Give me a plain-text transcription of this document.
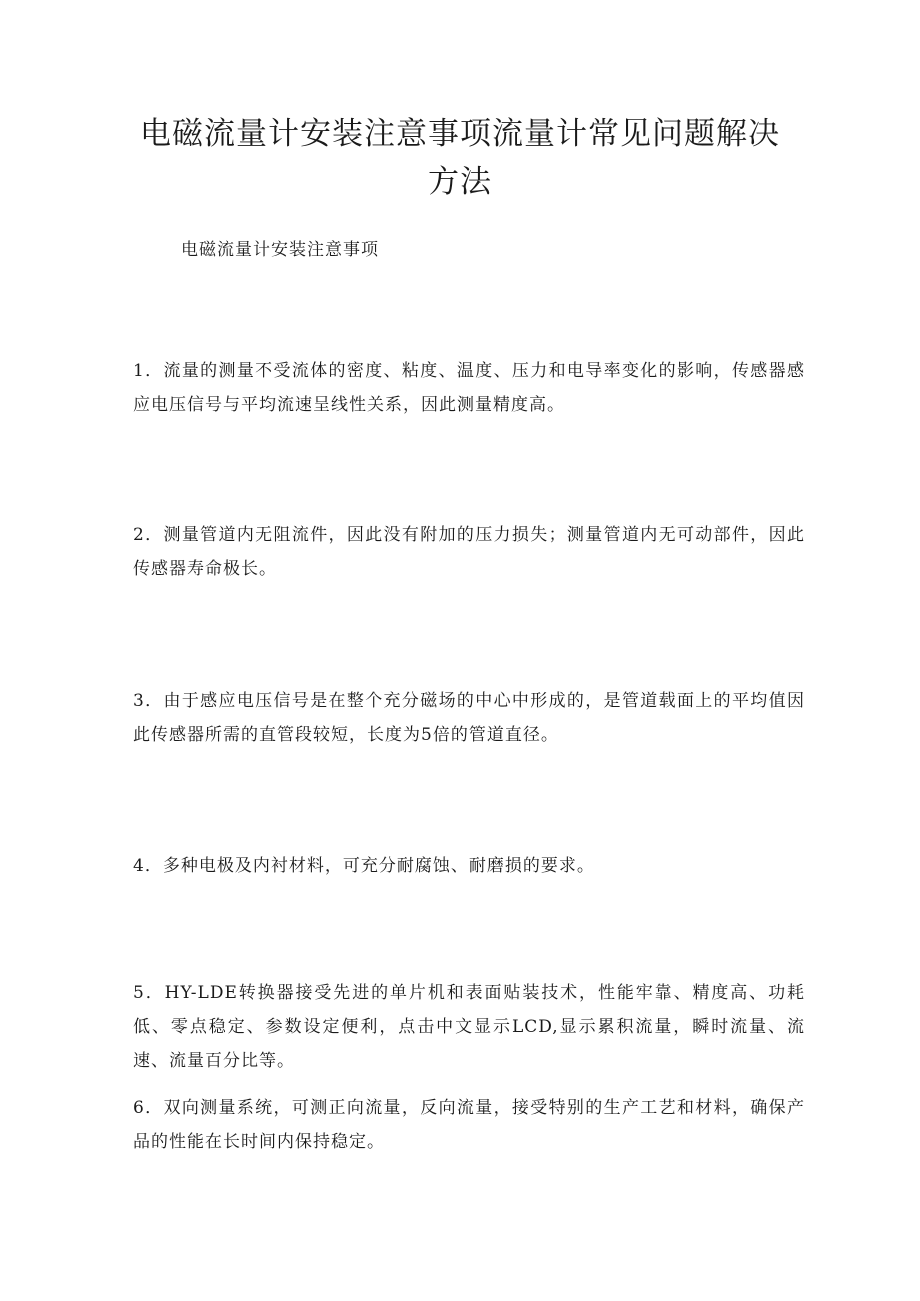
电磁流量计安装注意事项流量计常见问题解决方法

电磁流量计安装注意事项

1．流量的测量不受流体的密度、粘度、温度、压力和电导率变化的影响，传感器感应电压信号与平均流速呈线性关系，因此测量精度高。

2．测量管道内无阻流件，因此没有附加的压力损失；测量管道内无可动部件，因此传感器寿命极长。

3．由于感应电压信号是在整个充分磁场的中心中形成的，是管道载面上的平均值因此传感器所需的直管段较短，长度为5倍的管道直径。

4．多种电极及内衬材料，可充分耐腐蚀、耐磨损的要求。

5．HY-LDE转换器接受先进的单片机和表面贴装技术，性能牢靠、精度高、功耗低、零点稳定、参数设定便利，点击中文显示LCD,显示累积流量，瞬时流量、流速、流量百分比等。

6．双向测量系统，可测正向流量，反向流量，接受特别的生产工艺和材料，确保产品的性能在长时间内保持稳定。
